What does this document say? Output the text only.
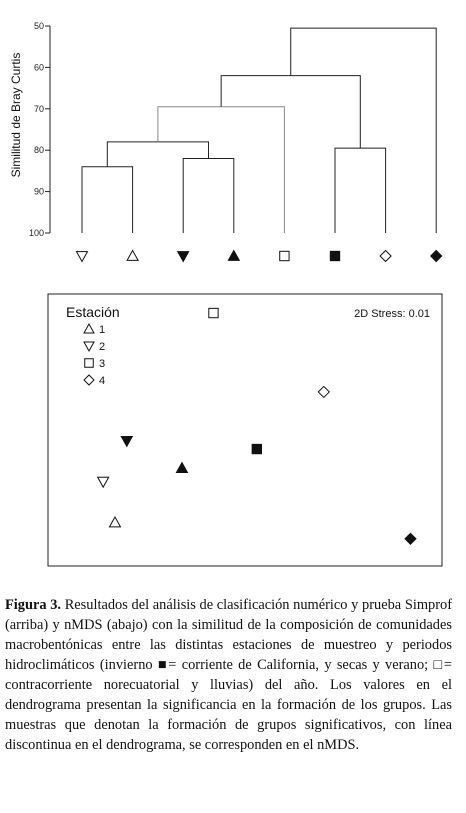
50
60
70
80
90
100
Similitud de Bray Curtis
2D Stress: 0.01
Estación
1
2
3
4
Figura 3. Resultados del análisis de clasificación numérico y prueba Simprof (arriba) y nMDS (abajo) con la similitud de la composición de comunidades macrobentónicas entre las distintas estaciones de muestreo y periodos hidroclimáticos (invierno ■= corriente de California, y secas y verano; □= contracorriente norecuatorial y lluvias) del año. Los valores en el dendrograma presentan la significancia en la formación de los grupos. Las muestras que denotan la formación de grupos significativos, con línea discontinua en el dendrograma, se corresponden en el nMDS.
